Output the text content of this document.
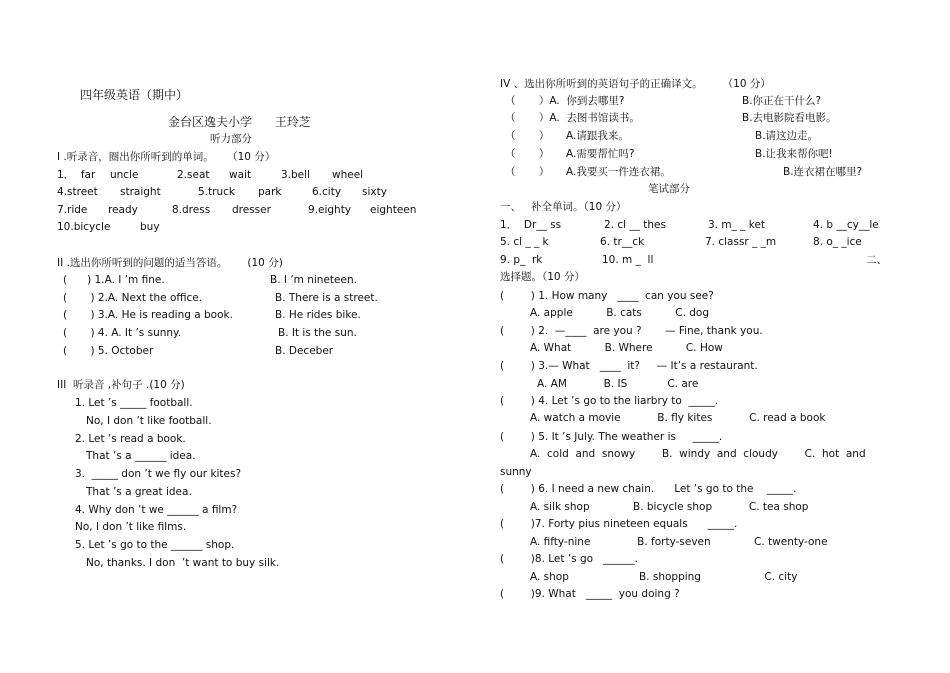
四年级英语（期中）
金台区逸夫小学      王玲芝
听力部分
I .听录音，圈出你所听到的单词。    （10 分）
1．  far uncle	2.seat wait	3.bell wheel
4.street straight	5.truck park	6.city sixty
7.ride ready	8.dress dresser	9.eighty eighteen
10.bicycle	buy
II .选出你所听到的问题的适当答语。      (10 分)
(      ) 1.A. I ’m fine.	B. I ’m nineteen.
(       ) 2.A. Next the office.	B. There is a street.
(       ) 3.A. He is reading a book.	B. He rides bike.
(       ) 4. A. It ’s sunny.	B. It is the sun.
(       ) 5. October	B. Deceber
III  听录音 ,补句子 .(10 分)
1. Let ’s _____ football.
No, I don ’t like football.
2. Let ’s read a book.
That ’s a ______ idea.
3.  _____ don ’t we fly our kites?
That ’s a great idea.
4. Why don ’t we ______ a film?
No, I don ’t like films.
5. Let ’s go to the ______ shop.
No, thanks. I don  ’t want to buy silk.
IV 、选出你所听到的英语句子的正确译文。      （10 分）
（       ）A.  你到去哪里?	B.你正在干什么?
（       ）A.  去图书馆读书。	B.去电影院看电影。
（       ）     A.请跟我来。	B.请这边走。
（       ）     A.需要帮忙吗?	B.让我来帮你吧!
（       ）     A.我要买一件连衣裙。	B.连衣裙在哪里?
笔试部分
一、   补全单词。（10 分）
1．  Dr__ ss	2. cl __ thes	3. m_ _ ket	4. b __cy__le
5. cl _ _ k	6. tr__ck	7. classr _ _m	8. o_ _ice
9. p_  rk	10. m _  ll	二、
选择题。（10 分）
(        ) 1. How many   ____  can you see?
A. apple          B. cats          C. dog
(        ) 2.  —____  are you ?       — Fine, thank you.
A. What          B. Where          C. How
(        ) 3.— What   ____  it?     — It’s a restaurant.
A. AM           B. IS            C. are
(        ) 4. Let ’s go to the liarbry to  _____.
A. watch a movie           B. fly kites           C. read a book
(        ) 5. It ’s July. The weather is     _____.
A.  cold  and  snowy        B.  windy  and  cloudy        C.  hot  and
sunny
(        ) 6. I need a new chain.      Let ’s go to the    _____.
A. silk shop             B. bicycle shop           C. tea shop
(        )7. Forty pius nineteen equals      _____.
A. fifty-nine              B. forty-seven             C. twenty-one
(        )8. Let ’s go   ______.
A. shop                     B. shopping                   C. city
(        )9. What   _____  you doing ?
